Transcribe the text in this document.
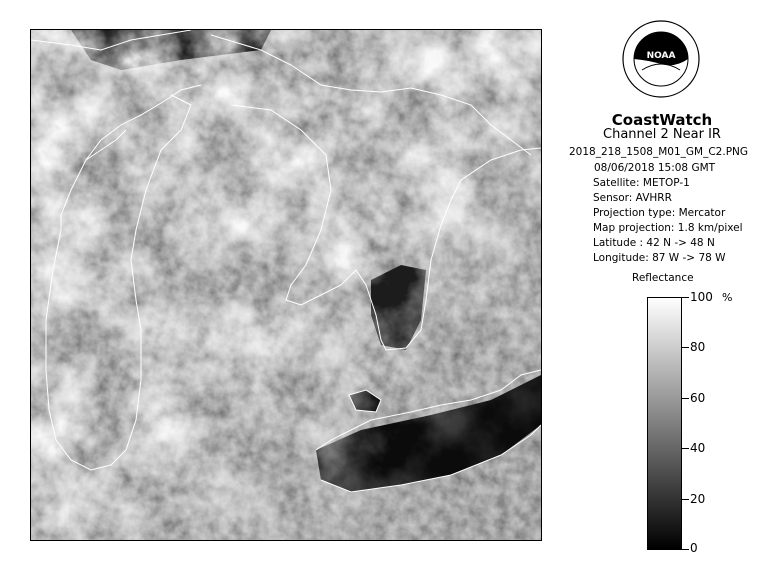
NOAA
CoastWatch
Channel 2 Near IR
2018_218_1508_M01_GM_C2.PNG
08/06/2018 15:08 GMT
Satellite: METOP-1
Sensor: AVHRR
Projection type: Mercator
Map projection: 1.8 km/pixel
Latitude : 42 N -> 48 N
Longitude: 87 W -> 78 W
Reflectance
%
100
80
60
40
20
0
